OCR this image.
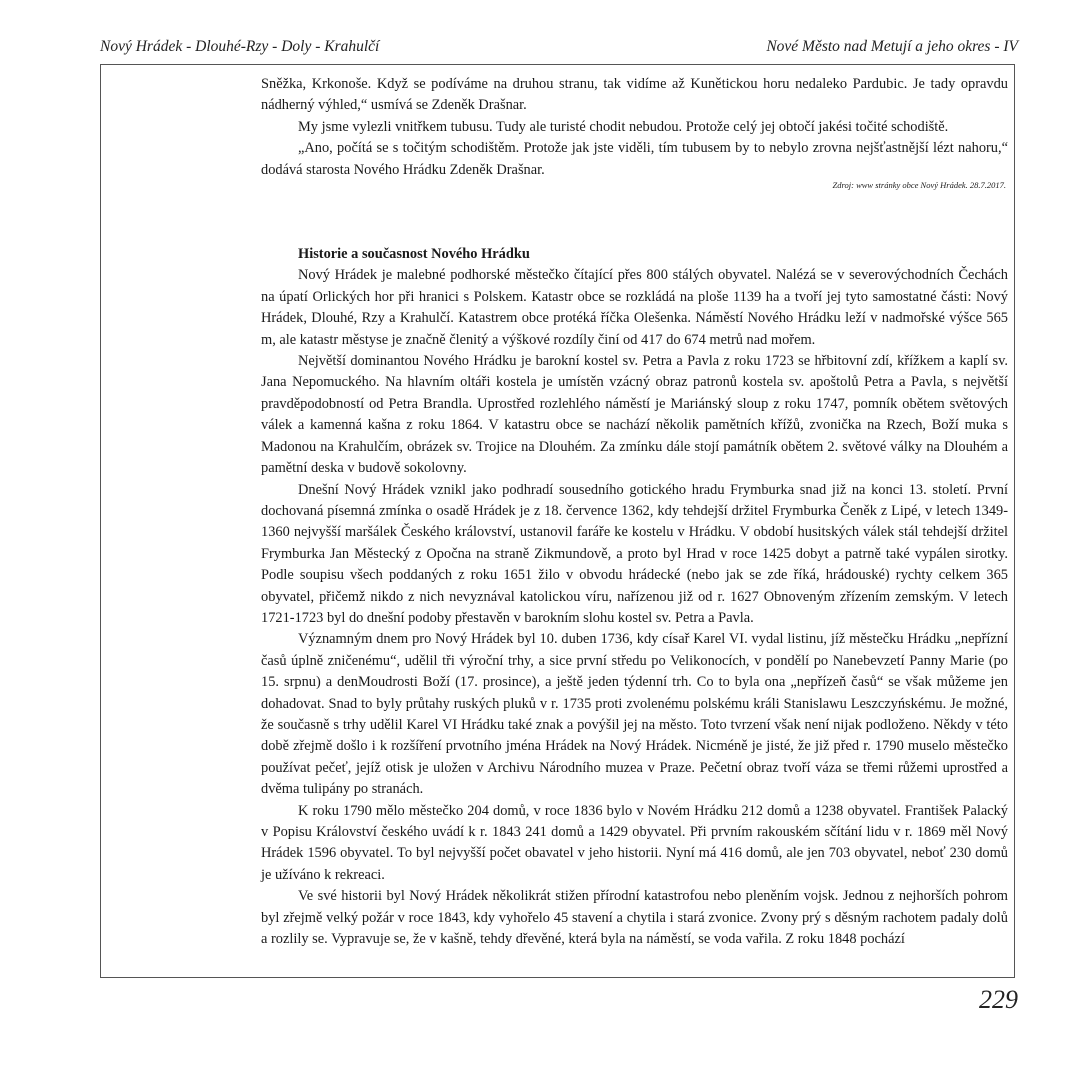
Nový Hrádek - Dlouhé-Rzy - Doly - Krahulčí	Nové Město nad Metují a jeho okres - IV

Sněžka, Krkonoše. Když se podíváme na druhou stranu, tak vidíme až Kunětickou horu nedaleko Pardubic. Je tady opravdu nádherný výhled,“ usmívá se Zdeněk Drašnar.

My jsme vylezli vnitřkem tubusu. Tudy ale turisté chodit nebudou. Protože celý jej obtočí jakési točité schodiště.

„Ano, počítá se s točitým schodištěm. Protože jak jste viděli, tím tubusem by to nebylo zrovna nejšťastnější lézt nahoru,“ dodává starosta Nového Hrádku Zdeněk Drašnar.

Zdroj: www stránky obce Nový Hrádek. 28.7.2017.

Historie a současnost Nového Hrádku

Nový Hrádek je malebné podhorské městečko čítající přes 800 stálých obyvatel. Nalézá se v severovýchodních Čechách na úpatí Orlických hor při hranici s Polskem. Katastr obce se rozkládá na ploše 1139 ha a tvoří jej tyto samostatné části: Nový Hrádek, Dlouhé, Rzy a Krahulčí. Katastrem obce protéká říčka Olešenka. Náměstí Nového Hrádku leží v nadmořské výšce 565 m, ale katastr městyse je značně členitý a výškové rozdíly činí od 417 do 674 metrů nad mořem.

Největší dominantou Nového Hrádku je barokní kostel sv. Petra a Pavla z roku 1723 se hřbitovní zdí, křížkem a kaplí sv. Jana Nepomuckého. Na hlavním oltáři kostela je umístěn vzácný obraz patronů kostela sv. apoštolů Petra a Pavla, s největší pravděpodobností od Petra Brandla. Uprostřed rozlehlého náměstí je Mariánský sloup z roku 1747, pomník obětem světových válek a kamenná kašna z roku 1864. V katastru obce se nachází několik pamětních křížů, zvonička na Rzech, Boží muka s Madonou na Krahulčím, obrázek sv. Trojice na Dlouhém. Za zmínku dále stojí památník obětem 2. světové války na Dlouhém a pamětní deska v budově sokolovny.

Dnešní Nový Hrádek vznikl jako podhradí sousedního gotického hradu Frymburka snad již na konci 13. století. První dochovaná písemná zmínka o osadě Hrádek je z 18. července 1362, kdy tehdejší držitel Frymburka Čeněk z Lipé, v letech 1349-1360 nejvyšší maršálek Českého království, ustanovil faráře ke kostelu v Hrádku. V období husitských válek stál tehdejší držitel Frymburka Jan Městecký z Opočna na straně Zikmundově, a proto byl Hrad v roce 1425 dobyt a patrně také vypálen sirotky. Podle soupisu všech poddaných z roku 1651 žilo v obvodu hrádecké (nebo jak se zde říká, hrádouské) rychty celkem 365 obyvatel, přičemž nikdo z nich nevyznával katolickou víru, nařízenou již od r. 1627 Obnoveným zřízením zemským. V letech 1721-1723 byl do dnešní podoby přestavěn v barokním slohu kostel sv. Petra a Pavla.

Významným dnem pro Nový Hrádek byl 10. duben 1736, kdy císař Karel VI. vydal listinu, jíž městečku Hrádku „nepřízní časů úplně zničenému“, udělil tři výroční trhy, a sice první středu po Velikonocích, v pondělí po Nanebevzetí Panny Marie (po 15. srpnu) a denMoudrosti Boží (17. prosince), a ještě jeden týdenní trh. Co to byla ona „nepřízeň časů“ se však můžeme jen dohadovat. Snad to byly průtahy ruských pluků v r. 1735 proti zvolenému polskému králi Stanislawu Leszczyńskému. Je možné, že současně s trhy udělil Karel VI Hrádku také znak a povýšil jej na město. Toto tvrzení však není nijak podloženo. Někdy v této době zřejmě došlo i k rozšíření prvotního jména Hrádek na Nový Hrádek. Nicméně je jisté, že již před r. 1790 muselo městečko používat pečeť, jejíž otisk je uložen v Archivu Národního muzea v Praze. Pečetní obraz tvoří váza se třemi růžemi uprostřed a dvěma tulipány po stranách.

K roku 1790 mělo městečko 204 domů, v roce 1836 bylo v Novém Hrádku 212 domů a 1238 obyvatel. František Palacký v Popisu Království českého uvádí k r. 1843 241 domů a 1429 obyvatel. Při prvním rakouském sčítání lidu v r. 1869 měl Nový Hrádek 1596 obyvatel. To byl nejvyšší počet obavatel v jeho historii. Nyní má 416 domů, ale jen 703 obyvatel, neboť 230 domů je užíváno k rekreaci.

Ve své historii byl Nový Hrádek několikrát stižen přírodní katastrofou nebo pleněním vojsk. Jednou z nejhorších pohrom byl zřejmě velký požár v roce 1843, kdy vyhořelo 45 stavení a chytila i stará zvonice. Zvony prý s děsným rachotem padaly dolů a rozlily se. Vypravuje se, že v kašně, tehdy dřevěné, která byla na náměstí, se voda vařila. Z roku 1848 pochází

229
